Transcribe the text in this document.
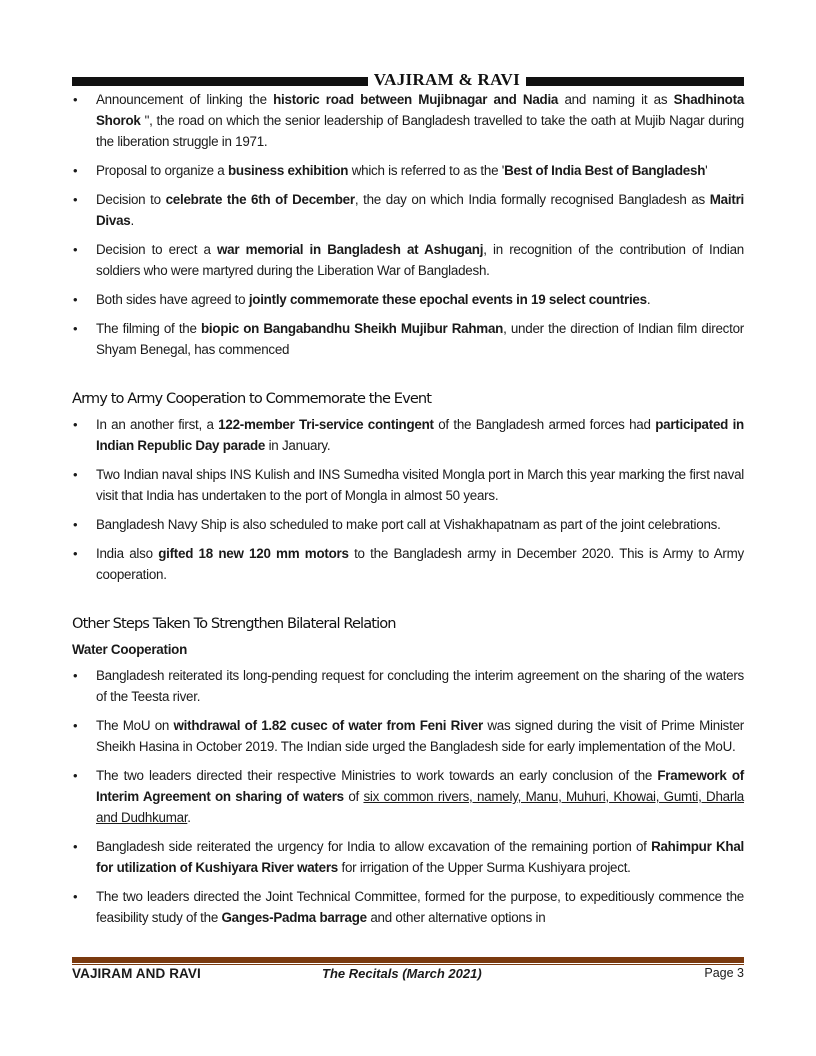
VAJIRAM & RAVI
• Announcement of linking the historic road between Mujibnagar and Nadia and naming it as Shadhinota Shorok ", the road on which the senior leadership of Bangladesh travelled to take the oath at Mujib Nagar during the liberation struggle in 1971.
• Proposal to organize a business exhibition which is referred to as the 'Best of India Best of Bangladesh'
• Decision to celebrate the 6th of December, the day on which India formally recognised Bangladesh as Maitri Divas.
• Decision to erect a war memorial in Bangladesh at Ashuganj, in recognition of the contribution of Indian soldiers who were martyred during the Liberation War of Bangladesh.
• Both sides have agreed to jointly commemorate these epochal events in 19 select countries.
• The filming of the biopic on Bangabandhu Sheikh Mujibur Rahman, under the direction of Indian film director Shyam Benegal, has commenced
Army to Army Cooperation to Commemorate the Event
• In an another first, a 122-member Tri-service contingent of the Bangladesh armed forces had participated in Indian Republic Day parade in January.
• Two Indian naval ships INS Kulish and INS Sumedha visited Mongla port in March this year marking the first naval visit that India has undertaken to the port of Mongla in almost 50 years.
• Bangladesh Navy Ship is also scheduled to make port call at Vishakhapatnam as part of the joint celebrations.
• India also gifted 18 new 120 mm motors to the Bangladesh army in December 2020. This is Army to Army cooperation.
Other Steps Taken To Strengthen Bilateral Relation

Water Cooperation

• Bangladesh reiterated its long-pending request for concluding the interim agreement on the sharing of the waters of the Teesta river.
• The MoU on withdrawal of 1.82 cusec of water from Feni River was signed during the visit of Prime Minister Sheikh Hasina in October 2019. The Indian side urged the Bangladesh side for early implementation of the MoU.
• The two leaders directed their respective Ministries to work towards an early conclusion of the Framework of Interim Agreement on sharing of waters of six common rivers, namely, Manu, Muhuri, Khowai, Gumti, Dharla and Dudhkumar.
• Bangladesh side reiterated the urgency for India to allow excavation of the remaining portion of Rahimpur Khal for utilization of Kushiyara River waters for irrigation of the Upper Surma Kushiyara project.
• The two leaders directed the Joint Technical Committee, formed for the purpose, to expeditiously commence the feasibility study of the Ganges-Padma barrage and other alternative options in
VAJIRAM AND RAVI	The Recitals (March 2021)	Page 3
